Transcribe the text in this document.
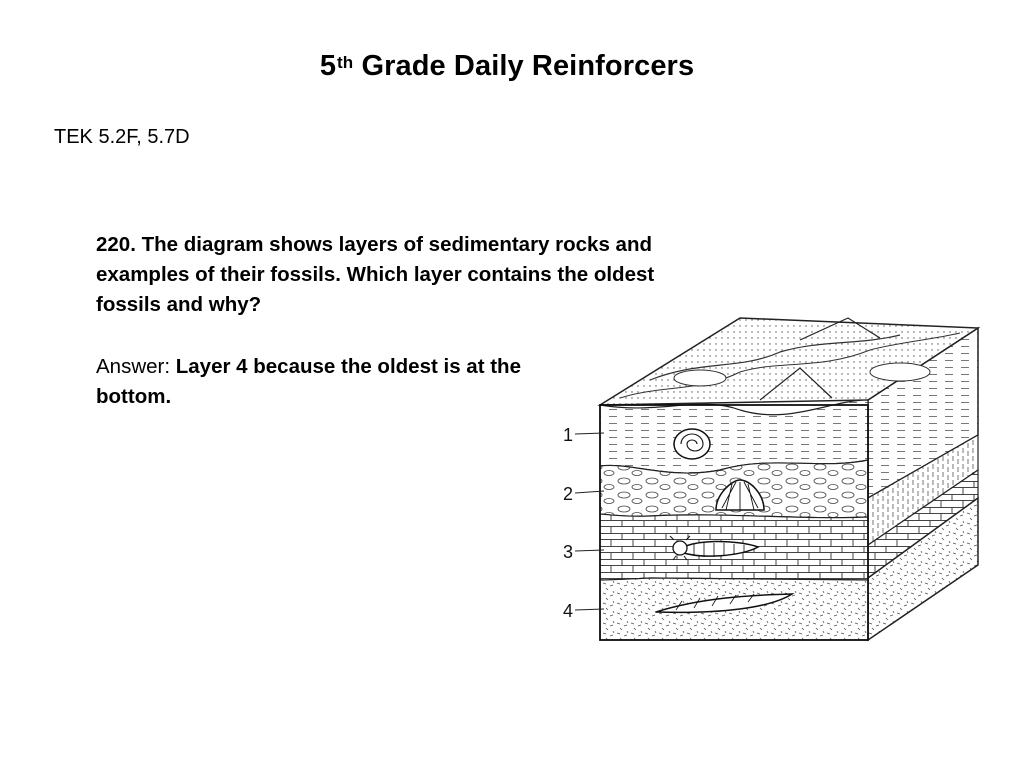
5th Grade Daily Reinforcers
TEK 5.2F, 5.7D
220. The diagram shows layers of sedimentary rocks and examples of their fossils. Which layer contains the oldest fossils and why?
Answer: Layer 4 because the oldest is at the bottom.
1
2
3
4
